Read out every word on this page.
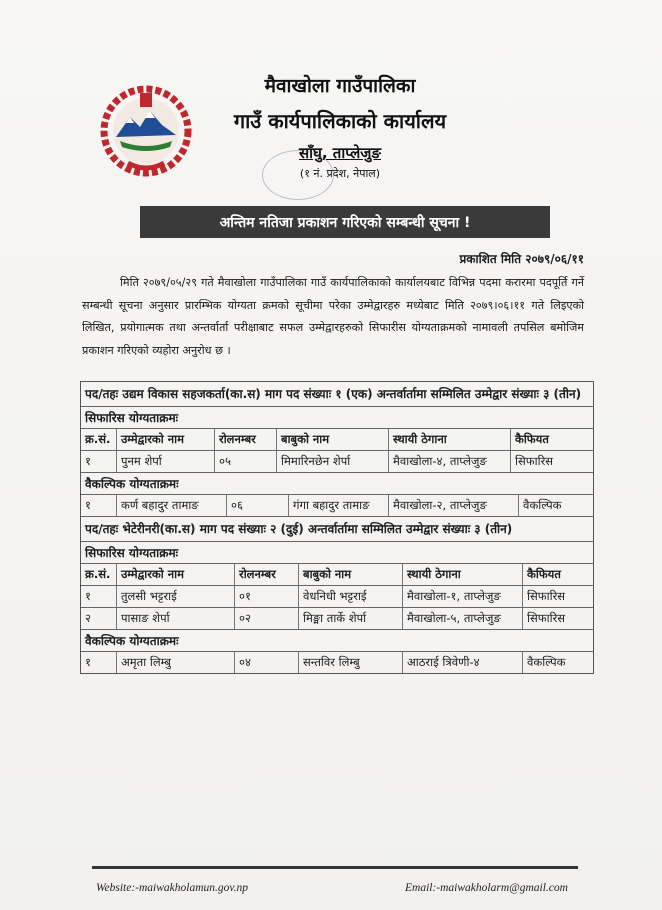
मैवाखोला गाउँपालिका
गाउँ कार्यपालिकाको कार्यालय
साँघु, ताप्लेजुङ
(१ नं. प्रदेश, नेपाल)
अन्तिम नतिजा प्रकाशन गरिएको सम्बन्धी सूचना !
प्रकाशित मिति २०७९/०६/११
मिति २०७९/०५/२९ गते मैवाखोला गाउँपालिका गाउँ कार्यपालिकाको कार्यालयबाट विभिन्न पदमा करारमा पदपूर्ति गर्ने सम्बन्धी सूचना अनुसार प्रारम्भिक योग्यता क्रमको सूचीमा परेका उम्मेद्वारहरु मध्येबाट मिति २०७९।०६।११ गते लिइएको लिखित, प्रयोगात्मक तथा अन्तर्वार्ता परीक्षाबाट सफल उम्मेद्वारहरुको सिफारीस योग्यताक्रमको नामावली तपसिल बमोजिम प्रकाशन गरिएको व्यहोरा अनुरोध छ ।
पद/तहः उद्यम विकास सहजकर्ता(का.स) माग पद संख्याः १ (एक) अन्तर्वार्तामा सम्मिलित उम्मेद्वार संख्याः ३ (तीन)
सिफारिस योग्यताक्रमः
क्र.सं. उम्मेद्वारको नाम	रोलनम्बर	बाबुको नाम	स्थायी ठेगाना	कैफियत
१	पुनम शेर्पा	०५	मिमारिनछेन शेर्पा	मैवाखोला-४, ताप्लेजुङ	सिफारिस
वैकल्पिक योग्यताक्रमः
१	कर्ण बहादुर तामाङ	०६	गंगा बहादुर तामाङ	मैवाखोला-२, ताप्लेजुङ	वैकल्पिक
पद/तहः भेटेरीनरी(का.स) माग पद संख्याः २ (दुई) अन्तर्वार्तामा सम्मिलित उम्मेद्वार संख्याः ३ (तीन)
सिफारिस योग्यताक्रमः
क्र.सं. उम्मेद्वारको नाम	रोलनम्बर	बाबुको नाम	स्थायी ठेगाना	कैफियत
१	तुलसी भट्टराई	०१	वेधनिधी भट्टराई	मैवाखोला-१, ताप्लेजुङ	सिफारिस
२	पासाङ शेर्पा	०२	मिङ्मा तार्के शेर्पा	मैवाखोला-५, ताप्लेजुङ	सिफारिस
वैकल्पिक योग्यताक्रमः
१	अमृता लिम्बु	०४	सन्तविर लिम्बु	आठराई त्रिवेणी-४	वैकल्पिक
Website:-maiwakholamun.gov.np	Email:-maiwakholarm@gmail.com
